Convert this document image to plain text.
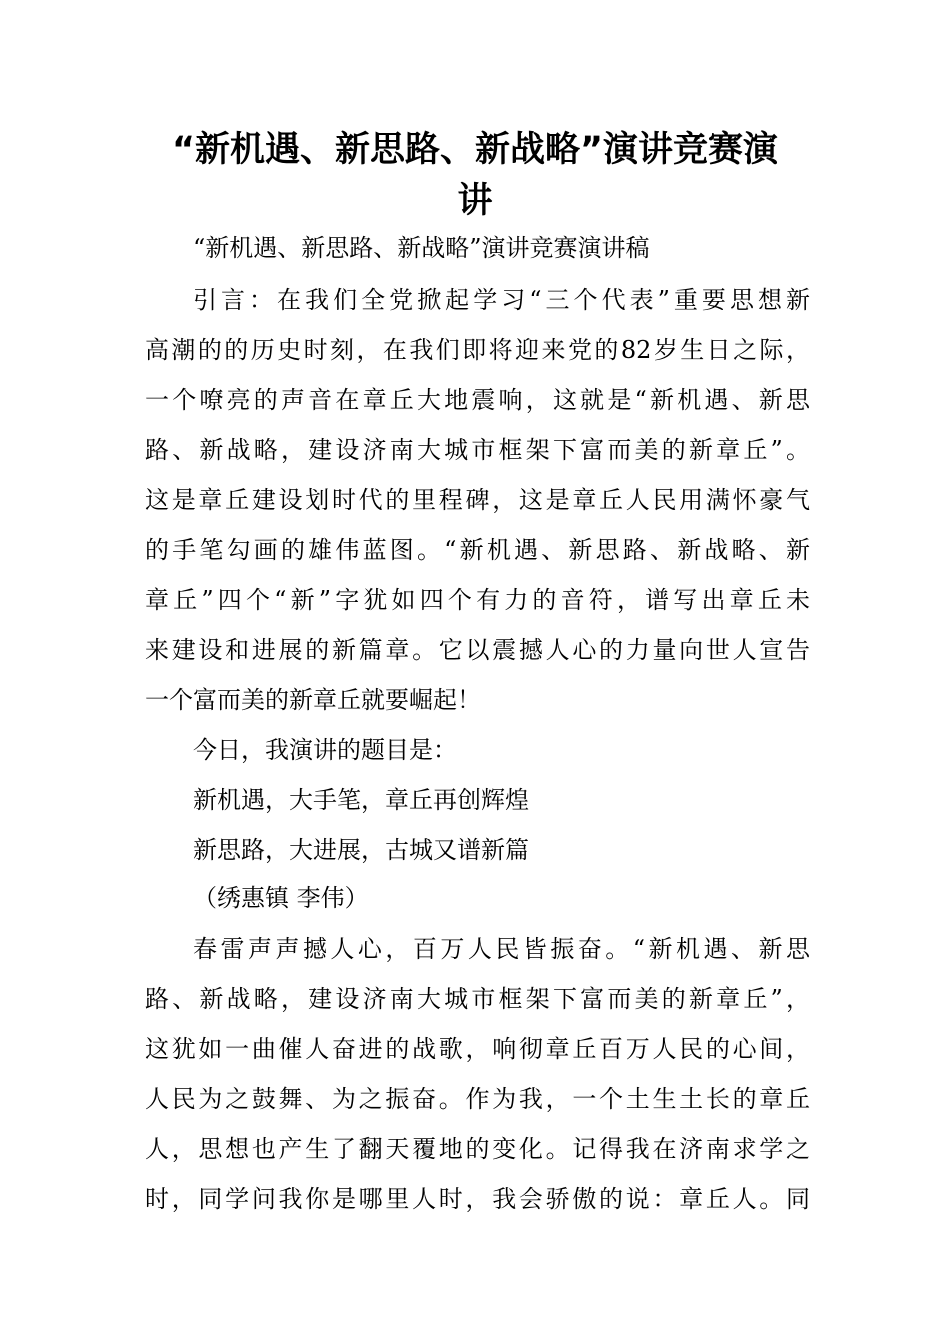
“新机遇、新思路、新战略”演讲竞赛演
讲

“新机遇、新思路、新战略”演讲竞赛演讲稿

引言：在我们全党掀起学习“三个代表”重要思想新

高潮的的历史时刻，在我们即将迎来党的82岁生日之际，

一个嘹亮的声音在章丘大地震响，这就是“新机遇、新思

路、新战略，建设济南大城市框架下富而美的新章丘”。

这是章丘建设划时代的里程碑，这是章丘人民用满怀豪气

的手笔勾画的雄伟蓝图。“新机遇、新思路、新战略、新

章丘”四个“新”字犹如四个有力的音符，谱写出章丘未

来建设和进展的新篇章。它以震撼人心的力量向世人宣告

一个富而美的新章丘就要崛起！

今日，我演讲的题目是：

新机遇，大手笔，章丘再创辉煌

新思路，大进展，古城又谱新篇

（绣惠镇 李伟）

春雷声声撼人心，百万人民皆振奋。“新机遇、新思

路、新战略，建设济南大城市框架下富而美的新章丘”，

这犹如一曲催人奋进的战歌，响彻章丘百万人民的心间，

人民为之鼓舞、为之振奋。作为我，一个土生土长的章丘

人，思想也产生了翻天覆地的变化。记得我在济南求学之

时，同学问我你是哪里人时，我会骄傲的说：章丘人。同
